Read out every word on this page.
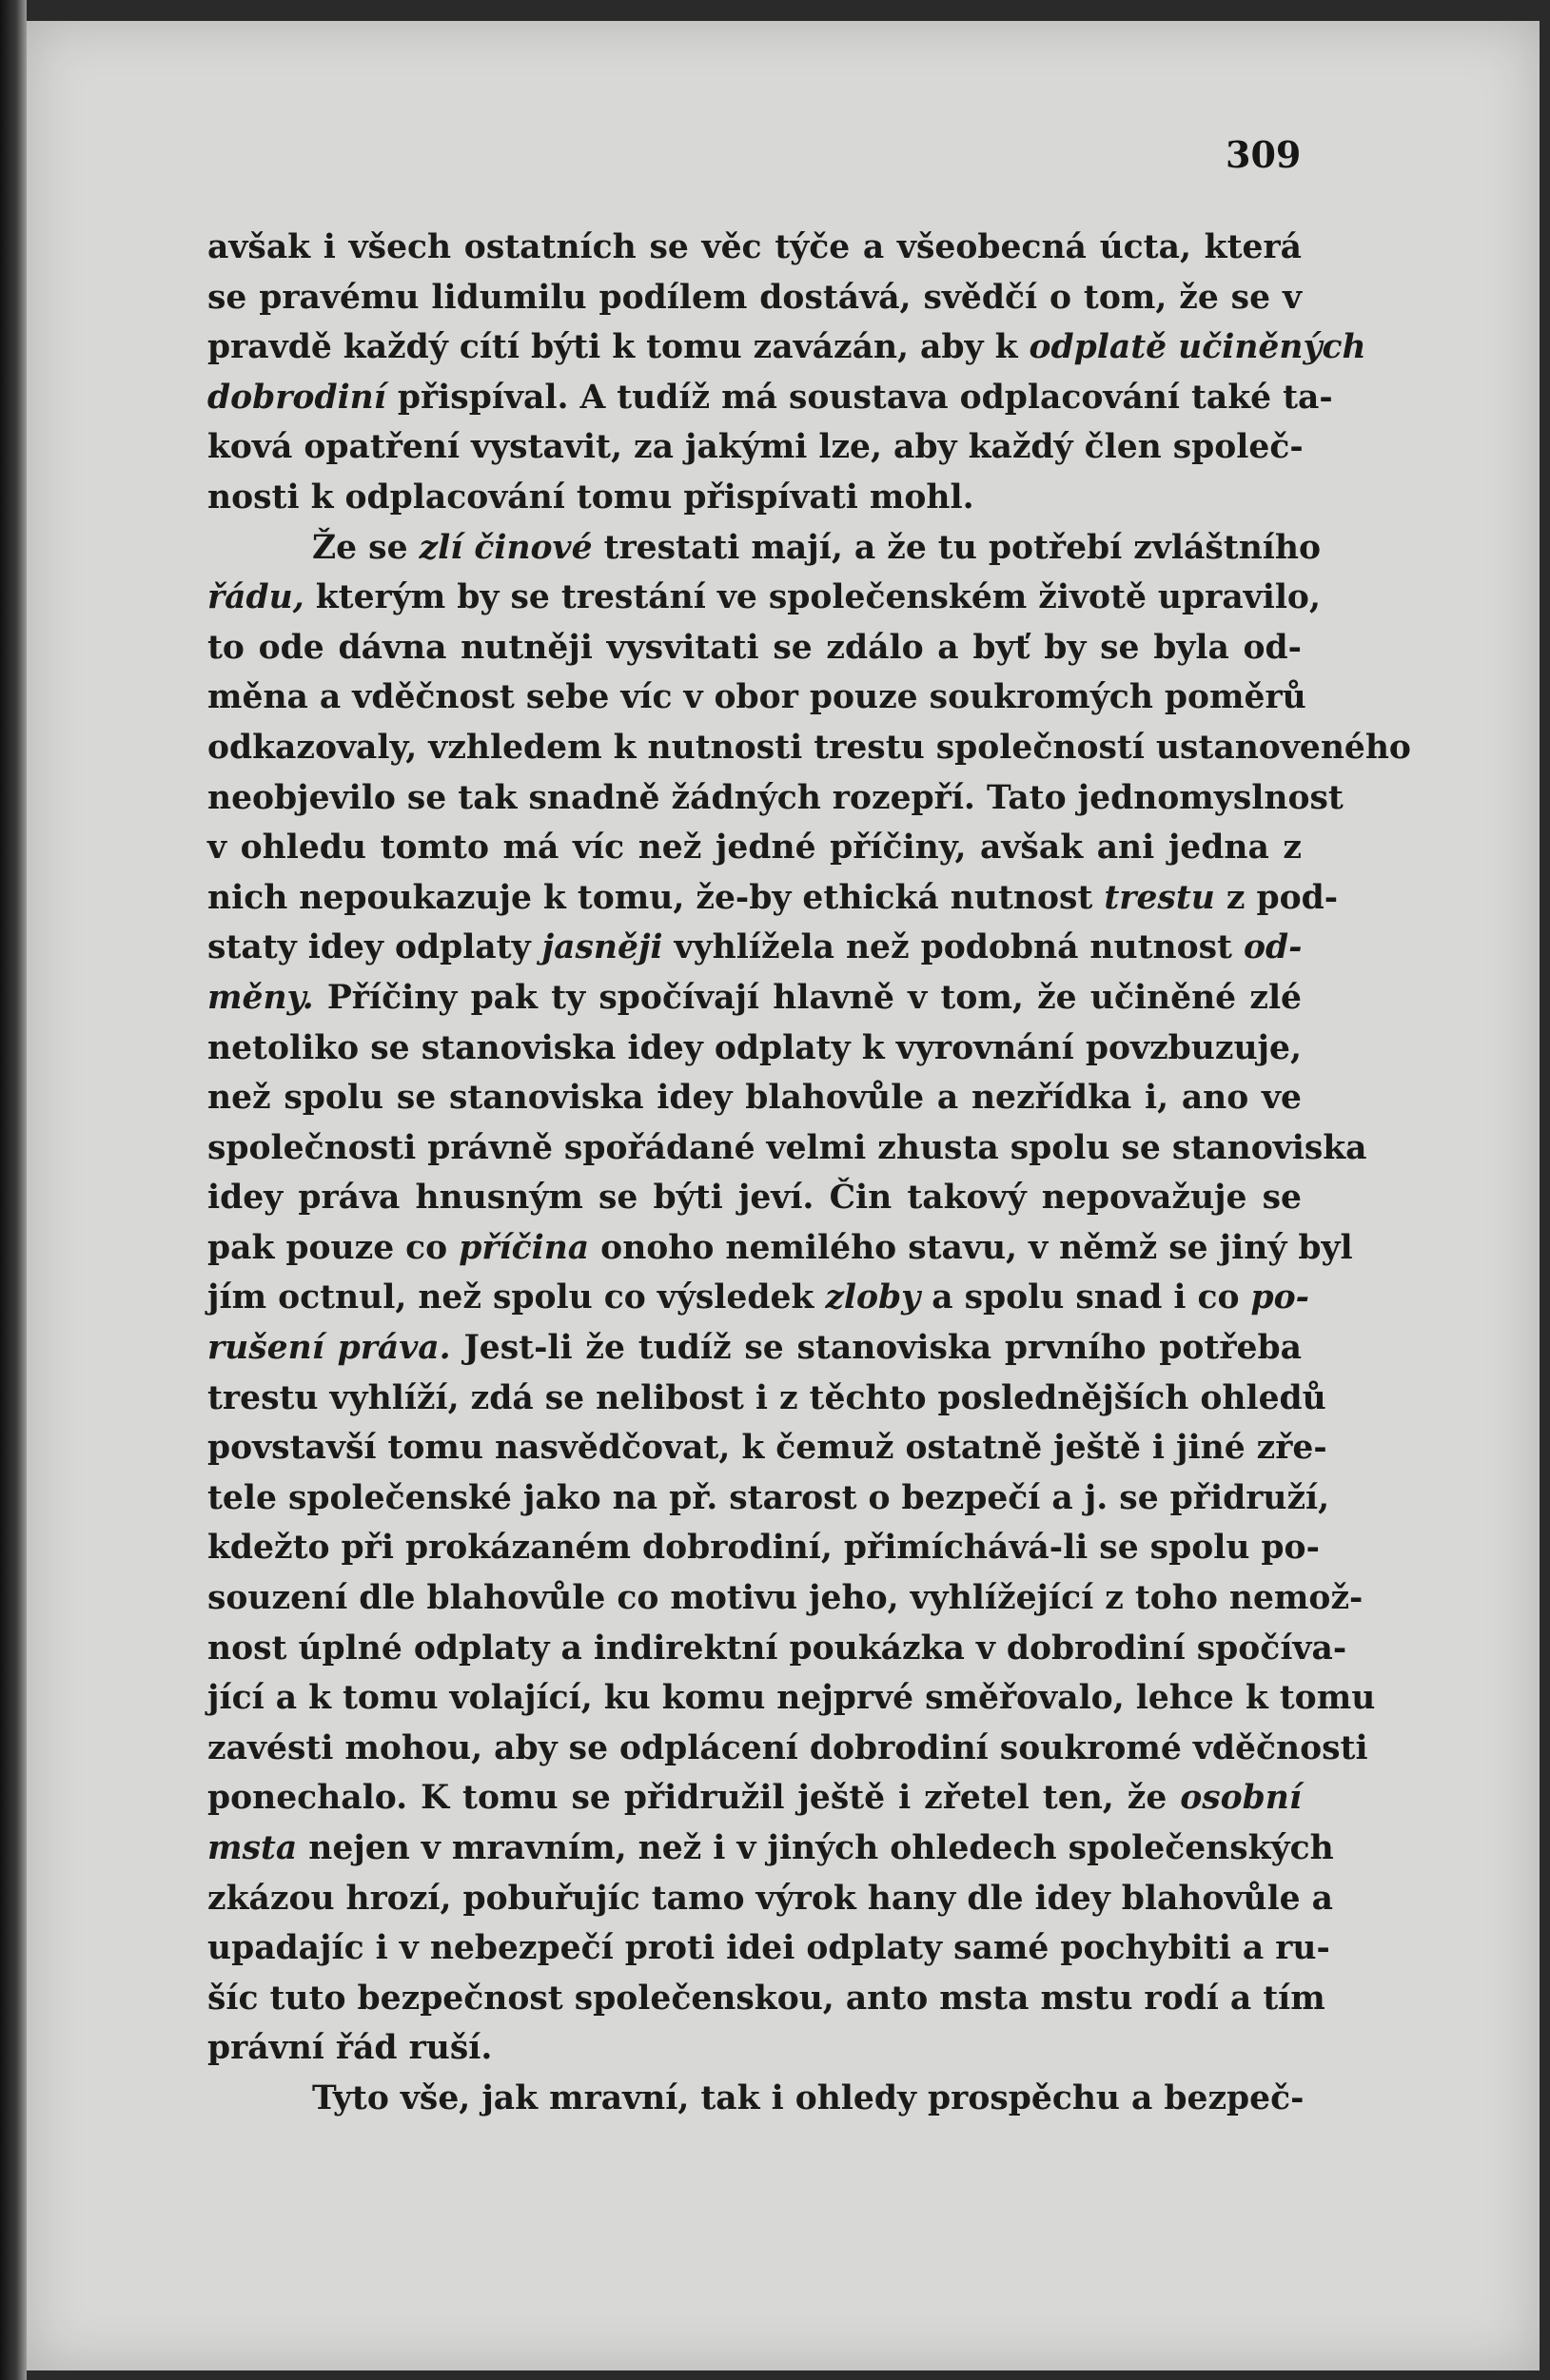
309
avšak i všech ostatních se věc týče a všeobecná úcta, která
se pravému lidumilu podílem dostává, svědčí o tom, že se v
pravdě každý cítí býti k tomu zavázán, aby k odplatě učiněných
dobrodiní přispíval. A tudíž má soustava odplacování také ta-
ková opatření vystavit, za jakými lze, aby každý člen společ-
nosti k odplacování tomu přispívati mohl.
Že se zlí činové trestati mají, a že tu potřebí zvláštního
řádu, kterým by se trestání ve společenském životě upravilo,
to ode dávna nutněji vysvitati se zdálo a byť by se byla od-
měna a vděčnost sebe víc v obor pouze soukromých poměrů
odkazovaly, vzhledem k nutnosti trestu společností ustanoveného
neobjevilo se tak snadně žádných rozepří. Tato jednomyslnost
v ohledu tomto má víc než jedné příčiny, avšak ani jedna z
nich nepoukazuje k tomu, že-by ethická nutnost trestu z pod-
staty idey odplaty jasněji vyhlížela než podobná nutnost od-
měny. Příčiny pak ty spočívají hlavně v tom, že učiněné zlé
netoliko se stanoviska idey odplaty k vyrovnání povzbuzuje,
než spolu se stanoviska idey blahovůle a nezřídka i, ano ve
společnosti právně spořádané velmi zhusta spolu se stanoviska
idey práva hnusným se býti jeví. Čin takový nepovažuje se
pak pouze co příčina onoho nemilého stavu, v němž se jiný byl
jím octnul, než spolu co výsledek zloby a spolu snad i co po-
rušení práva. Jest-li že tudíž se stanoviska prvního potřeba
trestu vyhlíží, zdá se nelibost i z těchto poslednějších ohledů
povstavší tomu nasvědčovat, k čemuž ostatně ještě i jiné zře-
tele společenské jako na př. starost o bezpečí a j. se přidruží,
kdežto při prokázaném dobrodiní, přimíchává-li se spolu po-
souzení dle blahovůle co motivu jeho, vyhlížející z toho nemož-
nost úplné odplaty a indirektní poukázka v dobrodiní spočíva-
jící a k tomu volající, ku komu nejprvé směřovalo, lehce k tomu
zavésti mohou, aby se odplácení dobrodiní soukromé vděčnosti
ponechalo. K tomu se přidružil ještě i zřetel ten, že osobní
msta nejen v mravním, než i v jiných ohledech společenských
zkázou hrozí, pobuřujíc tamo výrok hany dle idey blahovůle a
upadajíc i v nebezpečí proti idei odplaty samé pochybiti a ru-
šíc tuto bezpečnost společenskou, anto msta mstu rodí a tím
právní řád ruší.
Tyto vše, jak mravní, tak i ohledy prospěchu a bezpeč-
